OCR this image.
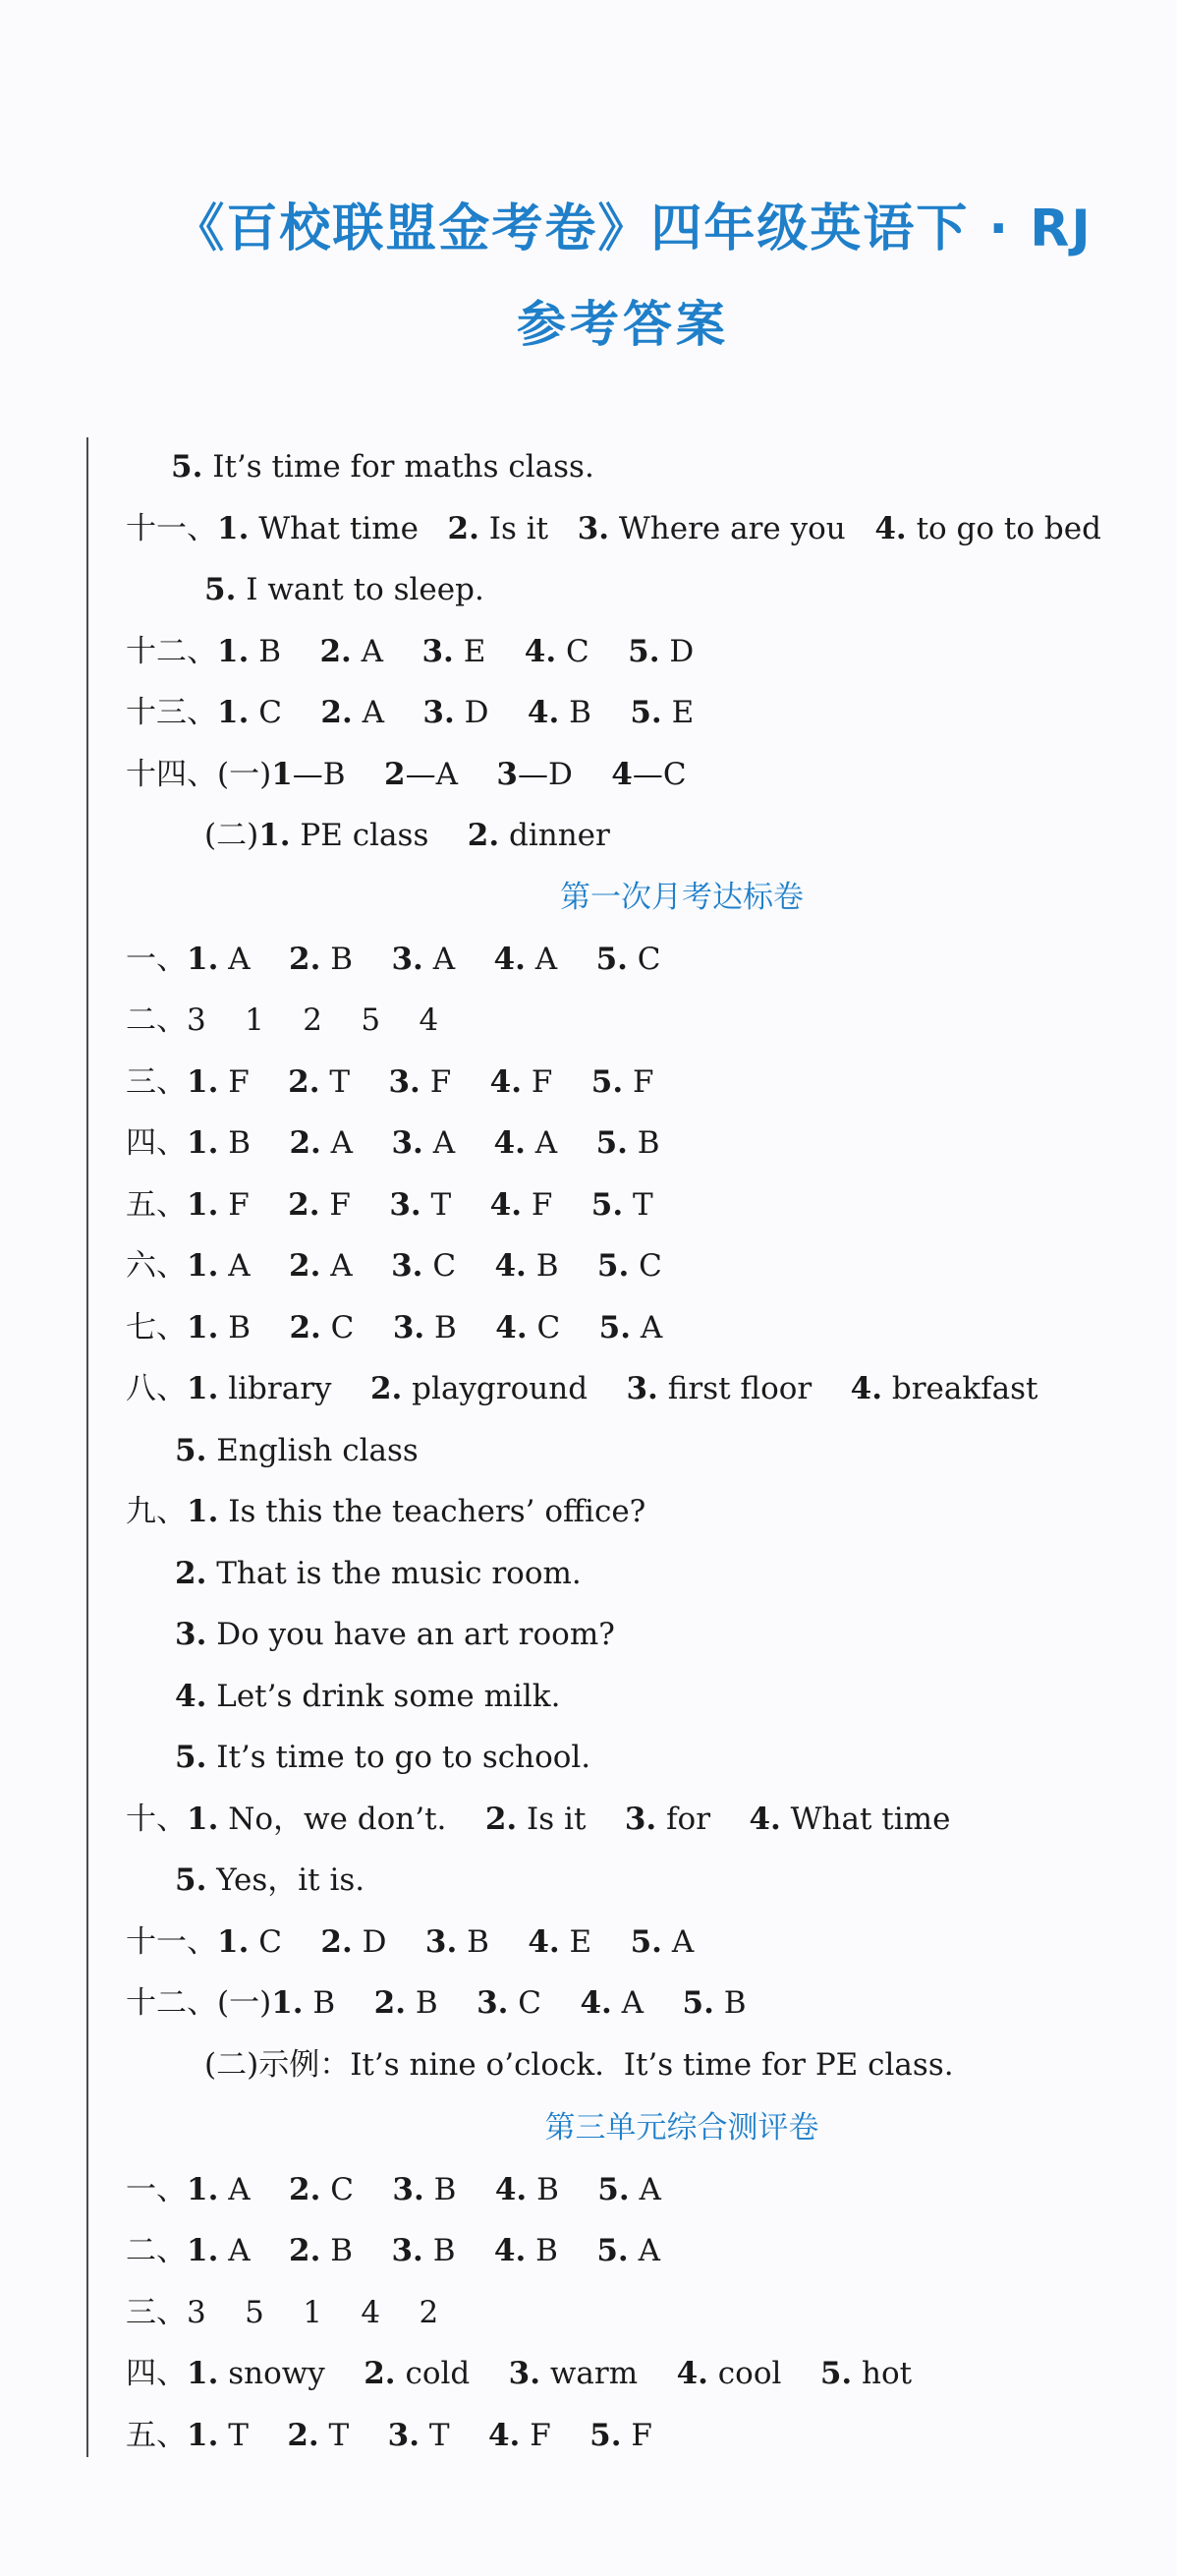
《百校联盟金考卷》四年级英语下 · RJ
参考答案
第一次月考达标卷
第三单元综合测评卷
5. It’s time for maths class.
十一、1. What time   2. Is it   3. Where are you   4. to go to bed
5. I want to sleep.
十二、1. B    2. A    3. E    4. C    5. D
十三、1. C    2. A    3. D    4. B    5. E
十四、(一)1—B    2—A    3—D    4—C
(二)1. PE class    2. dinner
一、1. A    2. B    3. A    4. A    5. C
二、3    1    2    5    4
三、1. F    2. T    3. F    4. F    5. F
四、1. B    2. A    3. A    4. A    5. B
五、1. F    2. F    3. T    4. F    5. T
六、1. A    2. A    3. C    4. B    5. C
七、1. B    2. C    3. B    4. C    5. A
八、1. library    2. playground    3. first floor    4. breakfast
5. English class
九、1. Is this the teachers’ office?
2. That is the music room.
3. Do you have an art room?
4. Let’s drink some milk.
5. It’s time to go to school.
十、1. No，we don’t.    2. Is it    3. for    4. What time
5. Yes，it is.
十一、1. C    2. D    3. B    4. E    5. A
十二、(一)1. B    2. B    3. C    4. A    5. B
(二)示例：It’s nine o’clock.  It’s time for PE class.
一、1. A    2. C    3. B    4. B    5. A
二、1. A    2. B    3. B    4. B    5. A
三、3    5    1    4    2
四、1. snowy    2. cold    3. warm    4. cool    5. hot
五、1. T    2. T    3. T    4. F    5. F
